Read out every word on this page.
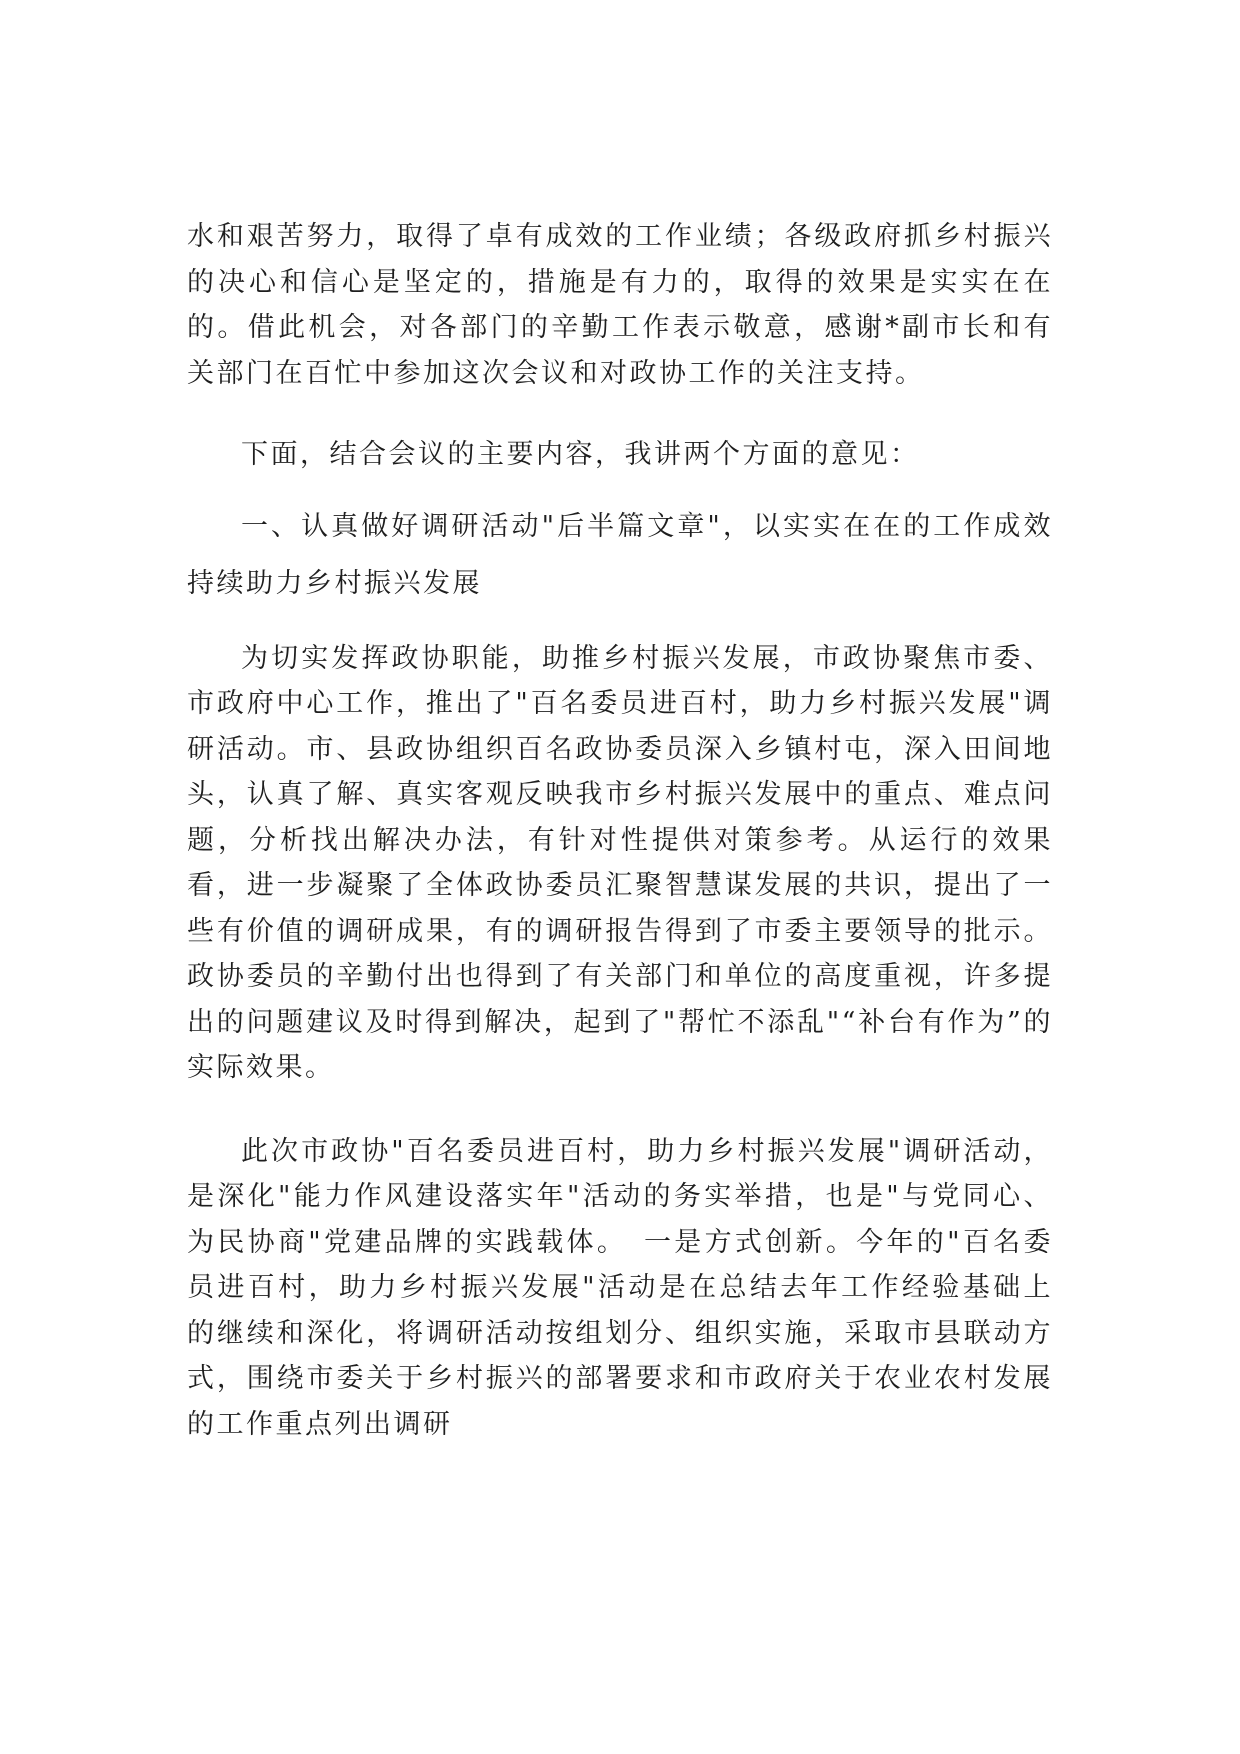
水和艰苦努力，取得了卓有成效的工作业绩；各级政府抓乡村振兴的决心和信心是坚定的，措施是有力的，取得的效果是实实在在的。借此机会，对各部门的辛勤工作表示敬意，感谢*副市长和有关部门在百忙中参加这次会议和对政协工作的关注支持。

下面，结合会议的主要内容，我讲两个方面的意见：

一、认真做好调研活动"后半篇文章"，以实实在在的工作成效持续助力乡村振兴发展

为切实发挥政协职能，助推乡村振兴发展，市政协聚焦市委、市政府中心工作，推出了"百名委员进百村，助力乡村振兴发展"调研活动。市、县政协组织百名政协委员深入乡镇村屯，深入田间地头，认真了解、真实客观反映我市乡村振兴发展中的重点、难点问题，分析找出解决办法，有针对性提供对策参考。从运行的效果看，进一步凝聚了全体政协委员汇聚智慧谋发展的共识，提出了一些有价值的调研成果，有的调研报告得到了市委主要领导的批示。政协委员的辛勤付出也得到了有关部门和单位的高度重视，许多提出的问题建议及时得到解决，起到了"帮忙不添乱"“补台有作为”的实际效果。

此次市政协"百名委员进百村，助力乡村振兴发展"调研活动，是深化"能力作风建设落实年"活动的务实举措，也是"与党同心、为民协商"党建品牌的实践载体。　一是方式创新。今年的"百名委员进百村，助力乡村振兴发展"活动是在总结去年工作经验基础上的继续和深化，将调研活动按组划分、组织实施，采取市县联动方式，围绕市委关于乡村振兴的部署要求和市政府关于农业农村发展的工作重点列出调研
